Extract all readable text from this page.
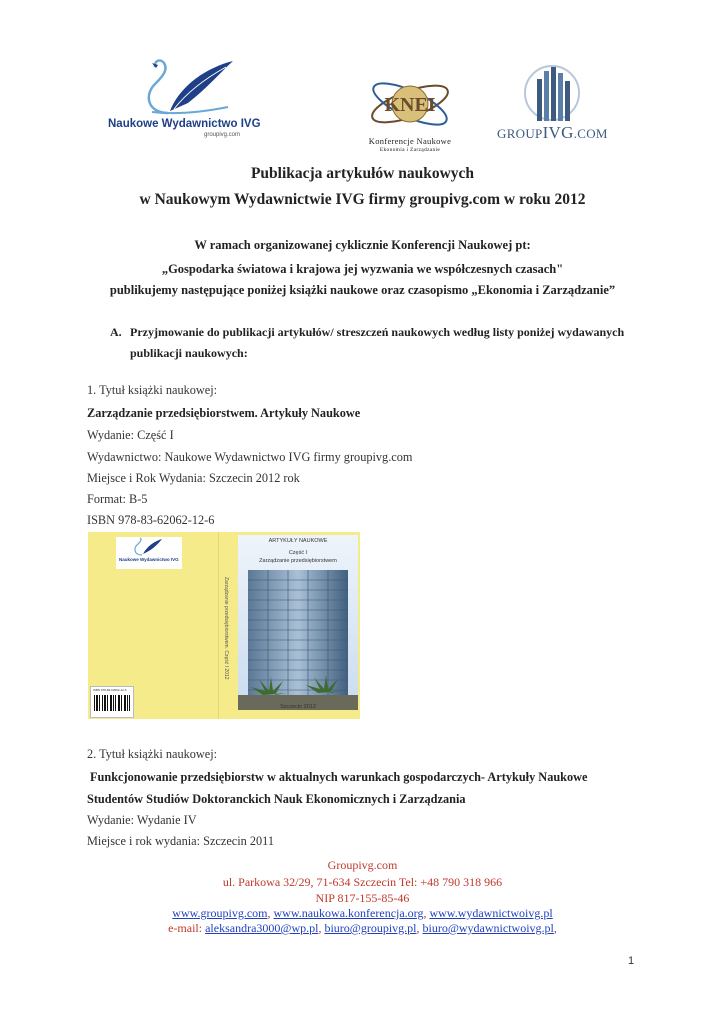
Naukowe Wydawnictwo IVG
groupivg.com
KNEI
Konferencje Naukowe
Ekonomia i Zarządzanie
GROUPIVG.COM
Publikacja artykułów naukowych
w Naukowym Wydawnictwie IVG firmy groupivg.com w roku 2012
W ramach organizowanej cyklicznie Konferencji Naukowej pt:
„Gospodarka światowa i krajowa jej wyzwania we współczesnych czasach"
publikujemy następujące poniżej książki naukowe oraz czasopismo „Ekonomia i Zarządzanie”
A. Przyjmowanie do publikacji artykułów/ streszczeń naukowych według listy poniżej wydawanych
publikacji naukowych:
1. Tytuł książki naukowej:
Zarządzanie przedsiębiorstwem. Artykuły Naukowe
Wydanie: Część I
Wydawnictwo: Naukowe Wydawnictwo IVG firmy groupivg.com
Miejsce i Rok Wydania: Szczecin 2012 rok
Format: B-5
ISBN 978-83-62062-12-6
Naukowe Wydawnictwo IVG
ISBN 978-83-62062-12-6
Zarządzanie przedsiębiorstwem. Część I 2012
ARTYKUŁY NAUKOWE
Część I
Zarządzanie przedsiębiorstwem
Szczecin 2012
2. Tytuł książki naukowej:
Funkcjonowanie przedsiębiorstw w aktualnych warunkach gospodarczych- Artykuły Naukowe
Studentów Studiów Doktoranckich Nauk Ekonomicznych i Zarządzania
Wydanie: Wydanie IV
Miejsce i rok wydania: Szczecin 2011
Groupivg.com
ul. Parkowa 32/29, 71-634 Szczecin Tel: +48 790 318 966
NIP 817-155-85-46
www.groupivg.com, www.naukowa.konferencja.org, www.wydawnictwoivg.pl
e-mail: aleksandra3000@wp.pl, biuro@groupivg.pl, biuro@wydawnictwoivg.pl,
1
